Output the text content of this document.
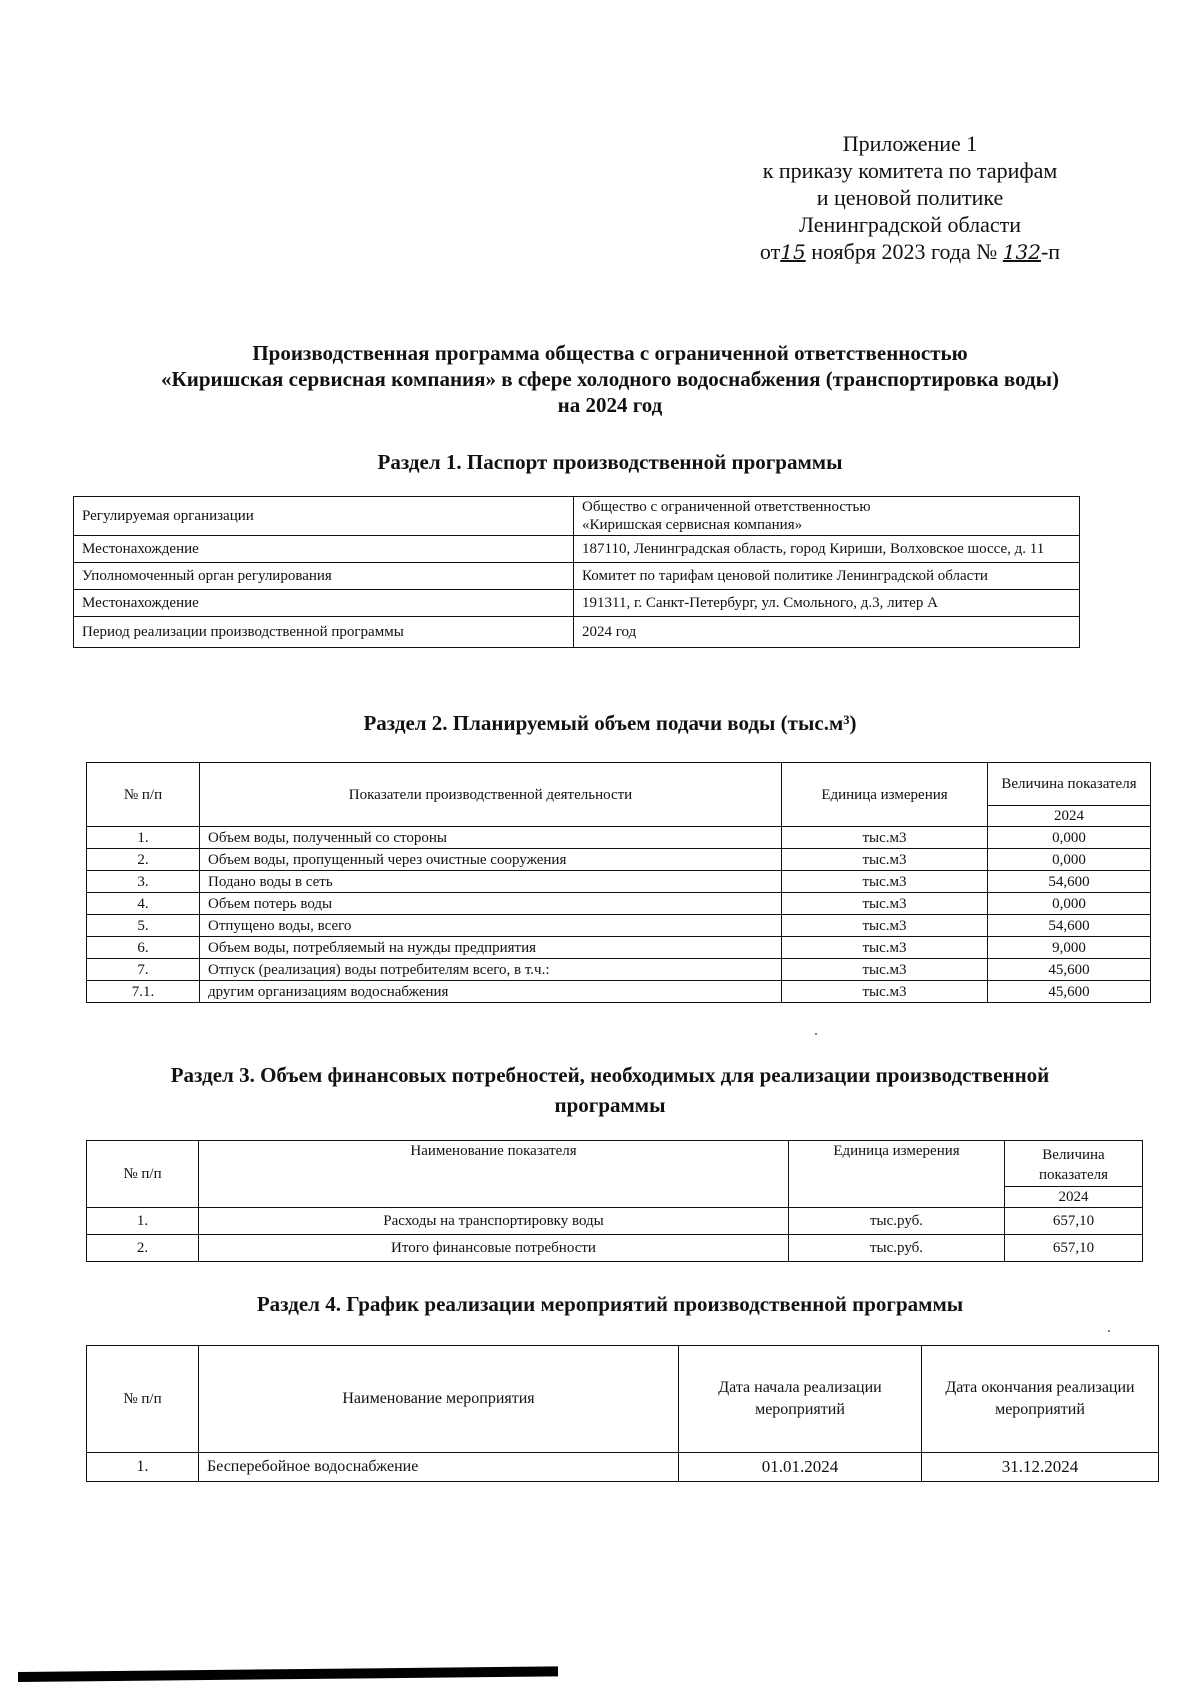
Приложение 1
к приказу комитета по тарифам
и ценовой политике
Ленинградской области
от15 ноября 2023 года № 132-п
Производственная программа общества с ограниченной ответственностью
«Киришская сервисная компания» в сфере холодного водоснабжения (транспортировка воды)
на 2024 год
Раздел 1. Паспорт производственной программы
Регулируемая организации	Общество с ограниченной ответственностью
«Киришская сервисная компания»

Местонахождение	187110, Ленинградская область, город Кириши, Волховское шоссе, д. 11
Уполномоченный орган регулирования	Комитет по тарифам ценовой политике Ленинградской области
Местонахождение	191311, г. Санкт-Петербург, ул. Смольного, д.3, литер А
Период реализации производственной программы	2024 год
Раздел 2. Планируемый объем подачи воды (тыс.м³)
№ п/п	Показатели производственной деятельности	Единица измерения	Величина показателя
			2024
1.	Объем воды, полученный со стороны	тыс.м3	0,000
2.	Объем воды, пропущенный через очистные сооружения	тыс.м3	0,000
3.	Подано воды в сеть	тыс.м3	54,600
4.	Объем потерь воды	тыс.м3	0,000
5.	Отпущено воды, всего	тыс.м3	54,600
6.	Объем воды, потребляемый на нужды предприятия	тыс.м3	9,000
7.	Отпуск (реализация) воды потребителям всего, в т.ч.:	тыс.м3	45,600
7.1.	другим организациям водоснабжения	тыс.м3	45,600
Раздел 3. Объем финансовых потребностей, необходимых для реализации производственной
программы
№ п/п	Наименование показателя	Единица измерения	Величина показателя
			2024
1.	Расходы на транспортировку воды	тыс.руб.	657,10
2.	Итого финансовые потребности	тыс.руб.	657,10
Раздел 4. График реализации мероприятий производственной программы
№ п/п	Наименование мероприятия	Дата начала реализации мероприятий	Дата окончания реализации мероприятий
1.	Бесперебойное водоснабжение	01.01.2024	31.12.2024
